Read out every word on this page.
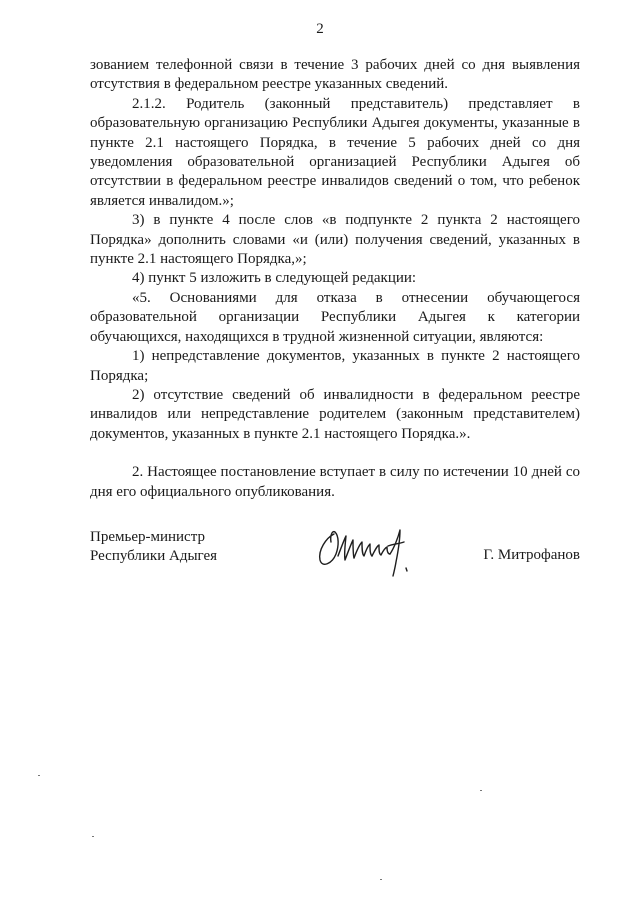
2

зованием телефонной связи в течение 3 рабочих дней со дня выявления отсутствия в федеральном реестре указанных сведений.

2.1.2. Родитель (законный представитель) представляет в образовательную организацию Республики Адыгея документы, указанные в пункте 2.1 настоящего Порядка, в течение 5 рабочих дней со дня уведомления образовательной организацией Республики Адыгея об отсутствии в федеральном реестре инвалидов сведений о том, что ребенок является инвалидом.»;

3) в пункте 4 после слов «в подпункте 2 пункта 2 настоящего Порядка» дополнить словами «и (или) получения сведений, указанных в пункте 2.1 настоящего Порядка,»;

4) пункт 5 изложить в следующей редакции:

«5. Основаниями для отказа в отнесении обучающегося образовательной организации Республики Адыгея к категории обучающихся, находящихся в трудной жизненной ситуации, являются:

1) непредставление документов, указанных в пункте 2 настоящего Порядка;

2) отсутствие сведений об инвалидности в федеральном реестре инвалидов или непредставление родителем (законным представителем) документов, указанных в пункте 2.1 настоящего Порядка.».

2. Настоящее постановление вступает в силу по истечении 10 дней со дня его официального опубликования.

Премьер-министр
Республики Адыгея	Г. Митрофанов
